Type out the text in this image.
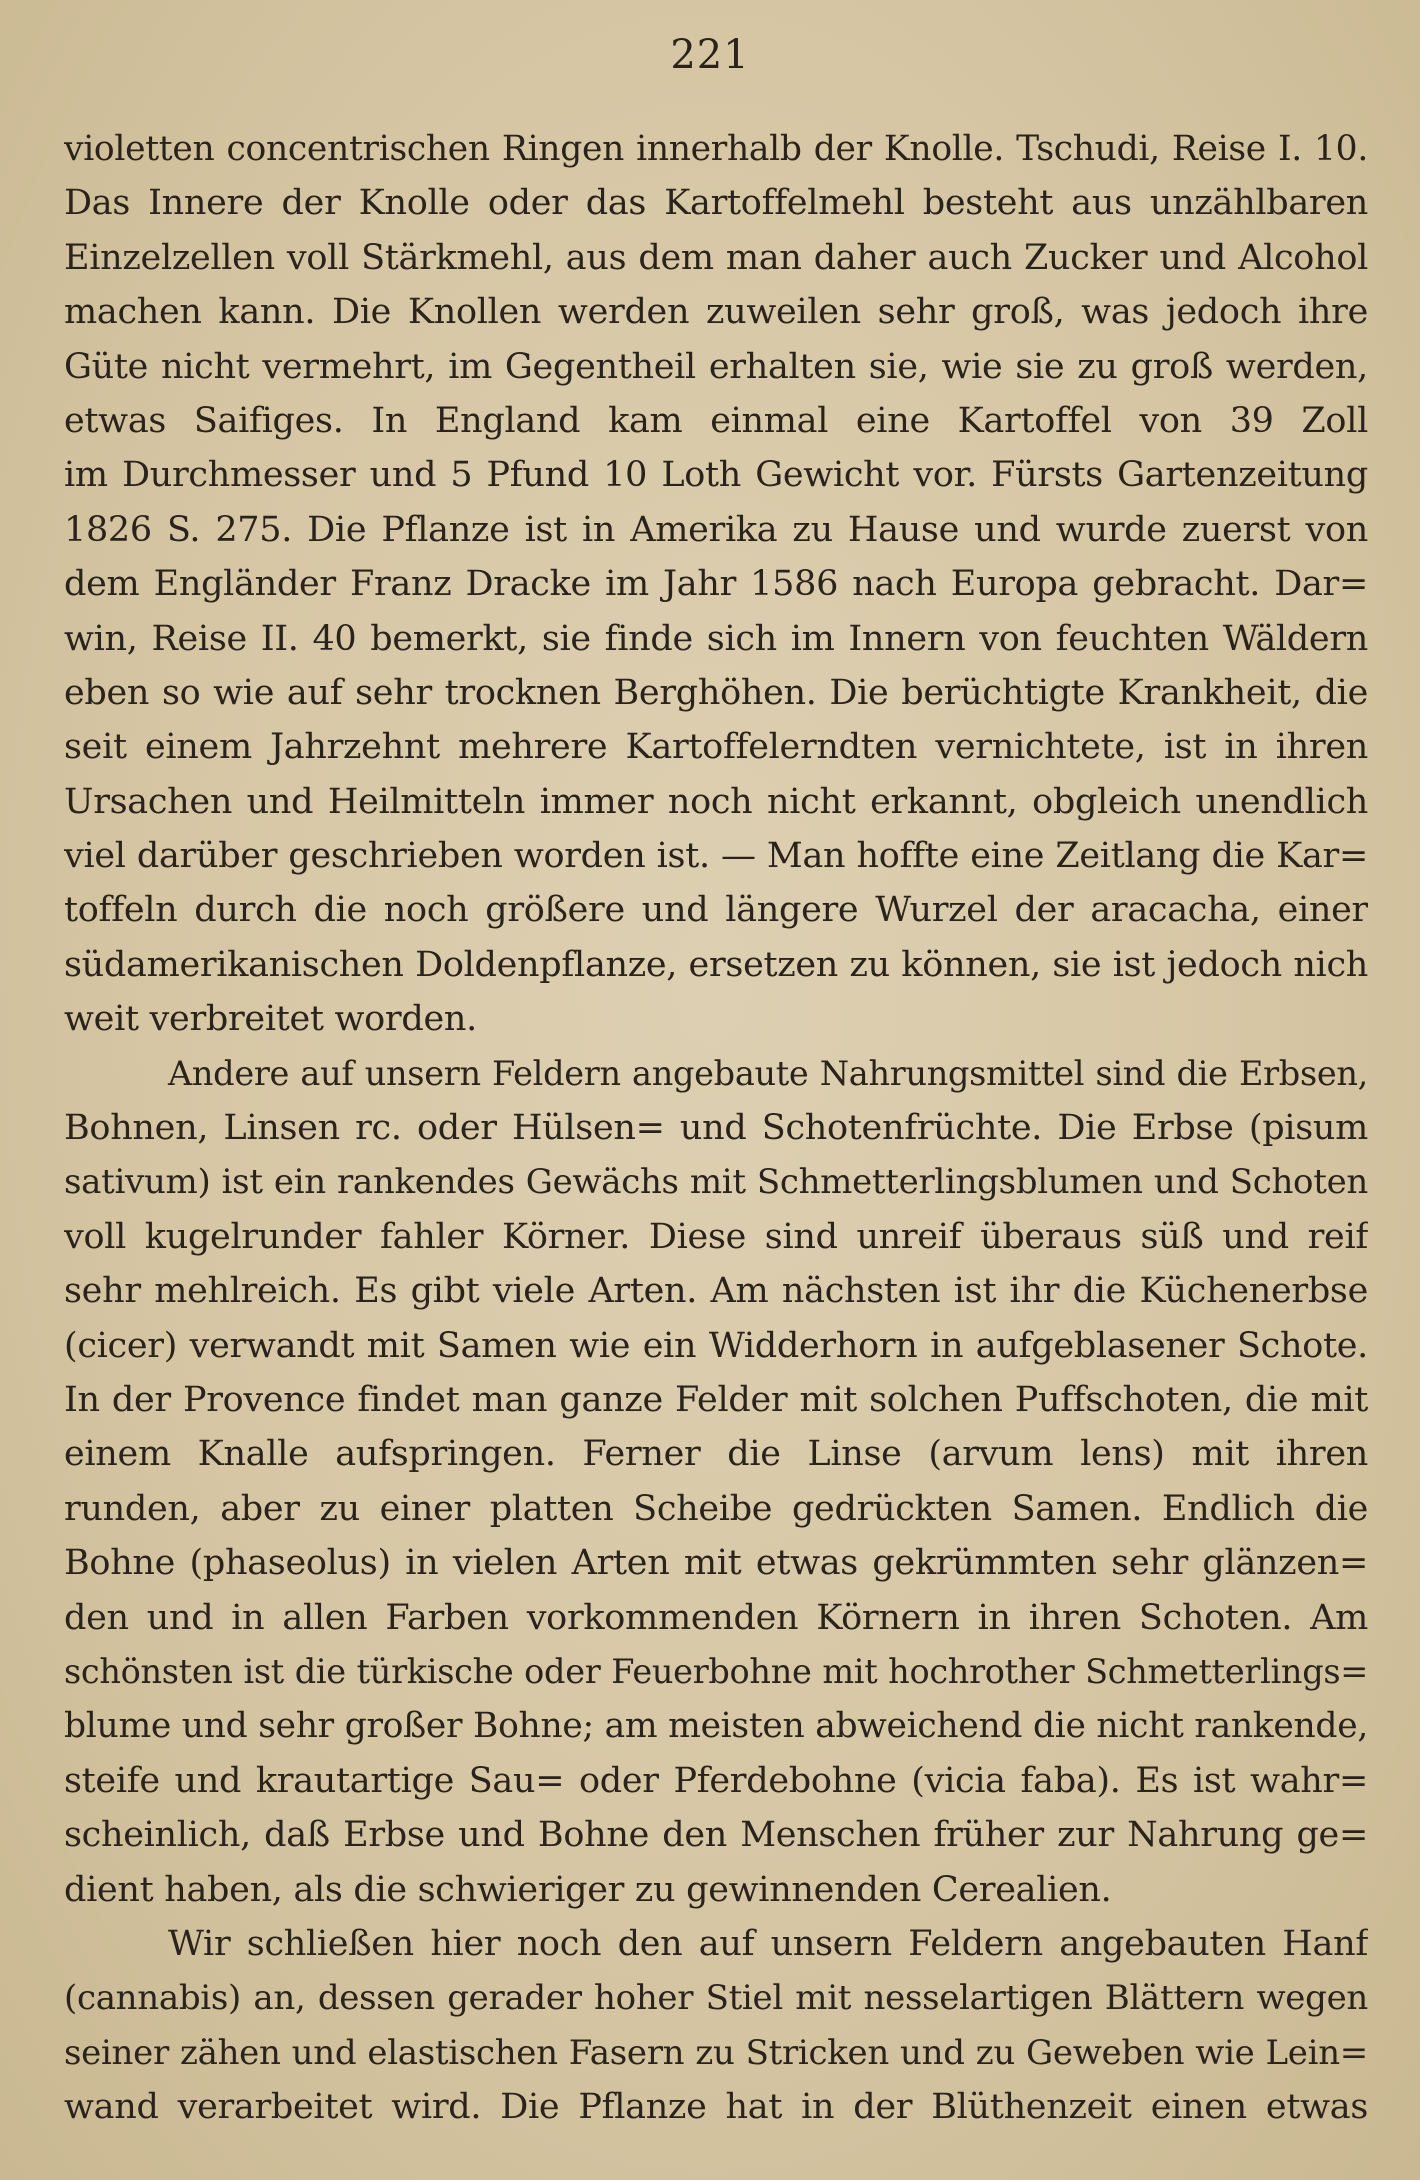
221
violetten concentrischen Ringen innerhalb der Knolle. Tschudi, Reise I. 10.
Das Innere der Knolle oder das Kartoffelmehl besteht aus unzählbaren
Einzelzellen voll Stärkmehl, aus dem man daher auch Zucker und Alcohol
machen kann. Die Knollen werden zuweilen sehr groß, was jedoch ihre
Güte nicht vermehrt, im Gegentheil erhalten sie, wie sie zu groß werden,
etwas Saifiges. In England kam einmal eine Kartoffel von 39 Zoll
im Durchmesser und 5 Pfund 10 Loth Gewicht vor. Fürsts Gartenzeitung
1826 S. 275. Die Pflanze ist in Amerika zu Hause und wurde zuerst von
dem Engländer Franz Dracke im Jahr 1586 nach Europa gebracht. Dar=
win, Reise II. 40 bemerkt, sie finde sich im Innern von feuchten Wäldern
eben so wie auf sehr trocknen Berghöhen. Die berüchtigte Krankheit, die
seit einem Jahrzehnt mehrere Kartoffelerndten vernichtete, ist in ihren
Ursachen und Heilmitteln immer noch nicht erkannt, obgleich unendlich
viel darüber geschrieben worden ist. — Man hoffte eine Zeitlang die Kar=
toffeln durch die noch größere und längere Wurzel der aracacha, einer
südamerikanischen Doldenpflanze, ersetzen zu können, sie ist jedoch nich
weit verbreitet worden.
Andere auf unsern Feldern angebaute Nahrungsmittel sind die Erbsen,
Bohnen, Linsen rc. oder Hülsen= und Schotenfrüchte. Die Erbse (pisum
sativum) ist ein rankendes Gewächs mit Schmetterlingsblumen und Schoten
voll kugelrunder fahler Körner. Diese sind unreif überaus süß und reif
sehr mehlreich. Es gibt viele Arten. Am nächsten ist ihr die Küchenerbse
(cicer) verwandt mit Samen wie ein Widderhorn in aufgeblasener Schote.
In der Provence findet man ganze Felder mit solchen Puffschoten, die mit
einem Knalle aufspringen. Ferner die Linse (arvum lens) mit ihren
runden, aber zu einer platten Scheibe gedrückten Samen. Endlich die
Bohne (phaseolus) in vielen Arten mit etwas gekrümmten sehr glänzen=
den und in allen Farben vorkommenden Körnern in ihren Schoten. Am
schönsten ist die türkische oder Feuerbohne mit hochrother Schmetterlings=
blume und sehr großer Bohne; am meisten abweichend die nicht rankende,
steife und krautartige Sau= oder Pferdebohne (vicia faba). Es ist wahr=
scheinlich, daß Erbse und Bohne den Menschen früher zur Nahrung ge=
dient haben, als die schwieriger zu gewinnenden Cerealien.
Wir schließen hier noch den auf unsern Feldern angebauten Hanf
(cannabis) an, dessen gerader hoher Stiel mit nesselartigen Blättern wegen
seiner zähen und elastischen Fasern zu Stricken und zu Geweben wie Lein=
wand verarbeitet wird. Die Pflanze hat in der Blüthenzeit einen etwas
